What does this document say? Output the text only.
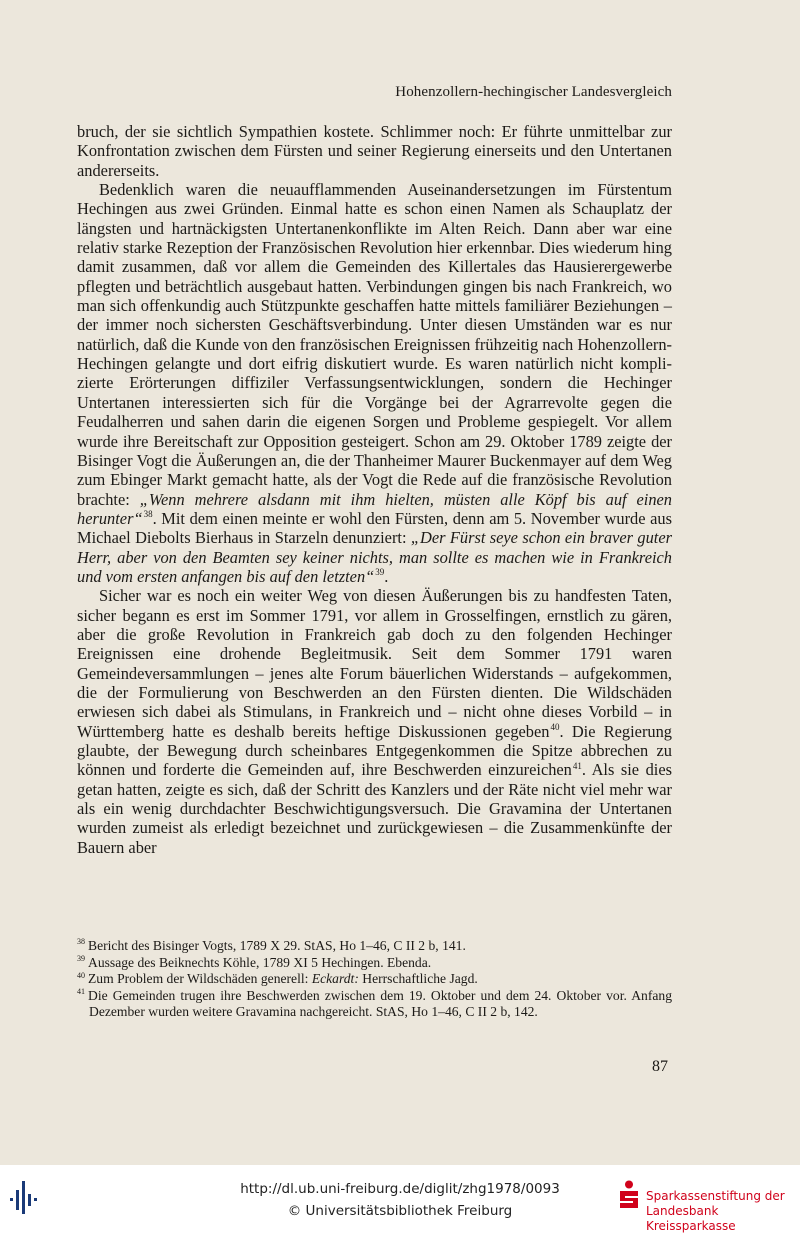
Hohenzollern-hechingischer Landesvergleich

bruch, der sie sichtlich Sympathien kostete. Schlimmer noch: Er führte unmittelbar zur Konfrontation zwischen dem Fürsten und seiner Regierung einerseits und den Untertanen andererseits.

Bedenklich waren die neuaufflammenden Auseinandersetzungen im Fürstentum Hechingen aus zwei Gründen. Einmal hatte es schon einen Namen als Schauplatz der längsten und hartnäckigsten Untertanenkonflikte im Alten Reich. Dann aber war eine relativ starke Rezeption der Französischen Revolution hier erkennbar. Dies wiederum hing damit zusammen, daß vor allem die Gemeinden des Killertales das Hausierergewerbe pflegten und beträchtlich ausgebaut hatten. Verbindungen gingen bis nach Frankreich, wo man sich offenkundig auch Stützpunkte geschaffen hatte mittels familiärer Beziehungen – der immer noch sichersten Geschäftsverbindung. Unter diesen Umständen war es nur natürlich, daß die Kunde von den französischen Ereignissen frühzeitig nach Hohenzollern-Hechingen gelangte und dort eifrig diskutiert wurde. Es waren natürlich nicht komplizierte Erörterungen diffiziler Verfassungsentwicklungen, sondern die Hechinger Untertanen interessierten sich für die Vorgänge bei der Agrarrevolte gegen die Feudalherren und sahen darin die eigenen Sorgen und Probleme gespiegelt. Vor allem wurde ihre Bereitschaft zur Opposition gesteigert. Schon am 29. Oktober 1789 zeigte der Bisinger Vogt die Äußerungen an, die der Thanheimer Maurer Buckenmayer auf dem Weg zum Ebinger Markt gemacht hatte, als der Vogt die Rede auf die französische Revolution brachte: „Wenn mehrere alsdann mit ihm hielten, müsten alle Köpf bis auf einen herunter“$^{38}$. Mit dem einen meinte er wohl den Fürsten, denn am 5. November wurde aus Michael Diebolts Bierhaus in Starzeln denunziert: „Der Fürst seye schon ein braver guter Herr, aber von den Beamten sey keiner nichts, man sollte es machen wie in Frankreich und vom ersten anfangen bis auf den letzten“$^{39}$.

Sicher war es noch ein weiter Weg von diesen Äußerungen bis zu handfesten Taten, sicher begann es erst im Sommer 1791, vor allem in Grosselfingen, ernstlich zu gären, aber die große Revolution in Frankreich gab doch zu den folgenden Hechinger Ereignissen eine drohende Begleitmusik. Seit dem Sommer 1791 waren Gemeindeversammlungen – jenes alte Forum bäuerlichen Widerstands – aufgekommen, die der Formulierung von Beschwerden an den Fürsten dienten. Die Wildschäden erwiesen sich dabei als Stimulans, in Frankreich und – nicht ohne dieses Vorbild – in Württemberg hatte es deshalb bereits heftige Diskussionen gegeben$^{40}$. Die Regierung glaubte, der Bewegung durch scheinbares Entgegenkommen die Spitze abbrechen zu können und forderte die Gemeinden auf, ihre Beschwerden einzureichen$^{41}$. Als sie dies getan hatten, zeigte es sich, daß der Schritt des Kanzlers und der Räte nicht viel mehr war als ein wenig durchdachter Beschwichtigungsversuch. Die Gravamina der Untertanen wurden zumeist als erledigt bezeichnet und zurückgewiesen – die Zusammenkünfte der Bauern aber

$^{38}$ Bericht des Bisinger Vogts, 1789 X 29. StAS, Ho 1–46, C II 2 b, 141.

$^{39}$ Aussage des Beiknechts Köhle, 1789 XI 5 Hechingen. Ebenda.

$^{40}$ Zum Problem der Wildschäden generell: Eckardt: Herrschaftliche Jagd.

$^{41}$ Die Gemeinden trugen ihre Beschwerden zwischen dem 19. Oktober und dem 24. Oktober vor. Anfang Dezember wurden weitere Gravamina nachgereicht. StAS, Ho 1–46, C II 2 b, 142.

87
http://dl.ub.uni-freiburg.de/diglit/zhg1978/0093
© Universitätsbibliothek Freiburg
Sparkassenstiftung der
Landesbank Kreissparkasse
